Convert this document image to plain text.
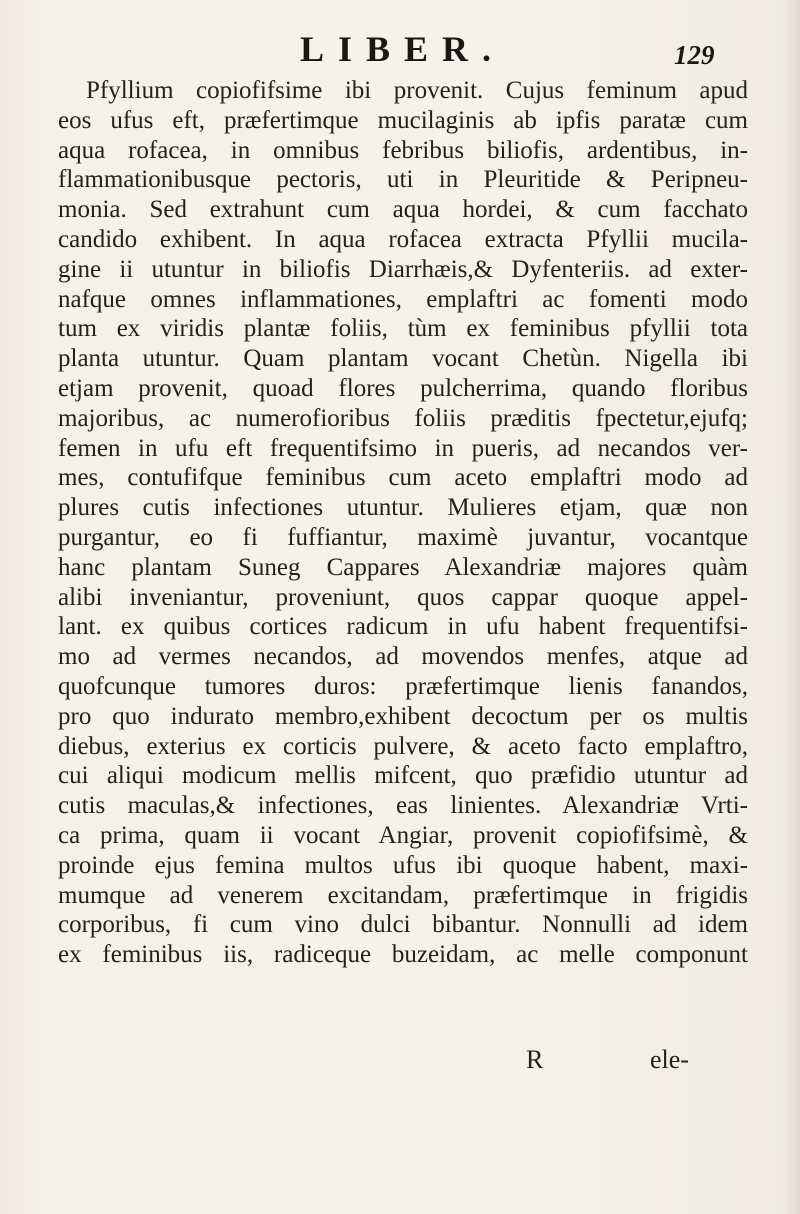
LIBER.	129
Pfyllium copiofifsime ibi provenit. Cujus feminum apud
eos ufus eft, præfertimque mucilaginis ab ipfis paratæ cum
aqua rofacea, in omnibus febribus biliofis, ardentibus, in-
flammationibusque pectoris, uti in Pleuritide & Peripneu-
monia. Sed extrahunt cum aqua hordei, & cum facchato
candido exhibent. In aqua rofacea extracta Pfyllii mucila-
gine ii utuntur in biliofis Diarrhæis,& Dyfenteriis. ad exter-
nafque omnes inflammationes, emplaftri ac fomenti modo
tum ex viridis plantæ foliis, tùm ex feminibus pfyllii tota
planta utuntur. Quam plantam vocant Chetùn. Nigella ibi
etjam provenit, quoad flores pulcherrima, quando floribus
majoribus, ac numerofioribus foliis præditis fpectetur,ejufq;
femen in ufu eft frequentifsimo in pueris, ad necandos ver-
mes, contufifque feminibus cum aceto emplaftri modo ad
plures cutis infectiones utuntur. Mulieres etjam, quæ non
purgantur, eo fi fuffiantur, maximè juvantur, vocantque
hanc plantam Suneg Cappares Alexandriæ majores quàm
alibi inveniantur, proveniunt, quos cappar quoque appel-
lant. ex quibus cortices radicum in ufu habent frequentifsi-
mo ad vermes necandos, ad movendos menfes, atque ad
quofcunque tumores duros: præfertimque lienis fanandos,
pro quo indurato membro,exhibent decoctum per os multis
diebus, exterius ex corticis pulvere, & aceto facto emplaftro,
cui aliqui modicum mellis mifcent, quo præfidio utuntur ad
cutis maculas,& infectiones, eas linientes. Alexandriæ Vrti-
ca prima, quam ii vocant Angiar, provenit copiofifsimè, &
proinde ejus femina multos ufus ibi quoque habent, maxi-
mumque ad venerem excitandam, præfertimque in frigidis
corporibus, fi cum vino dulci bibantur. Nonnulli ad idem
ex feminibus iis, radiceque buzeidam, ac melle componunt
R	ele-
